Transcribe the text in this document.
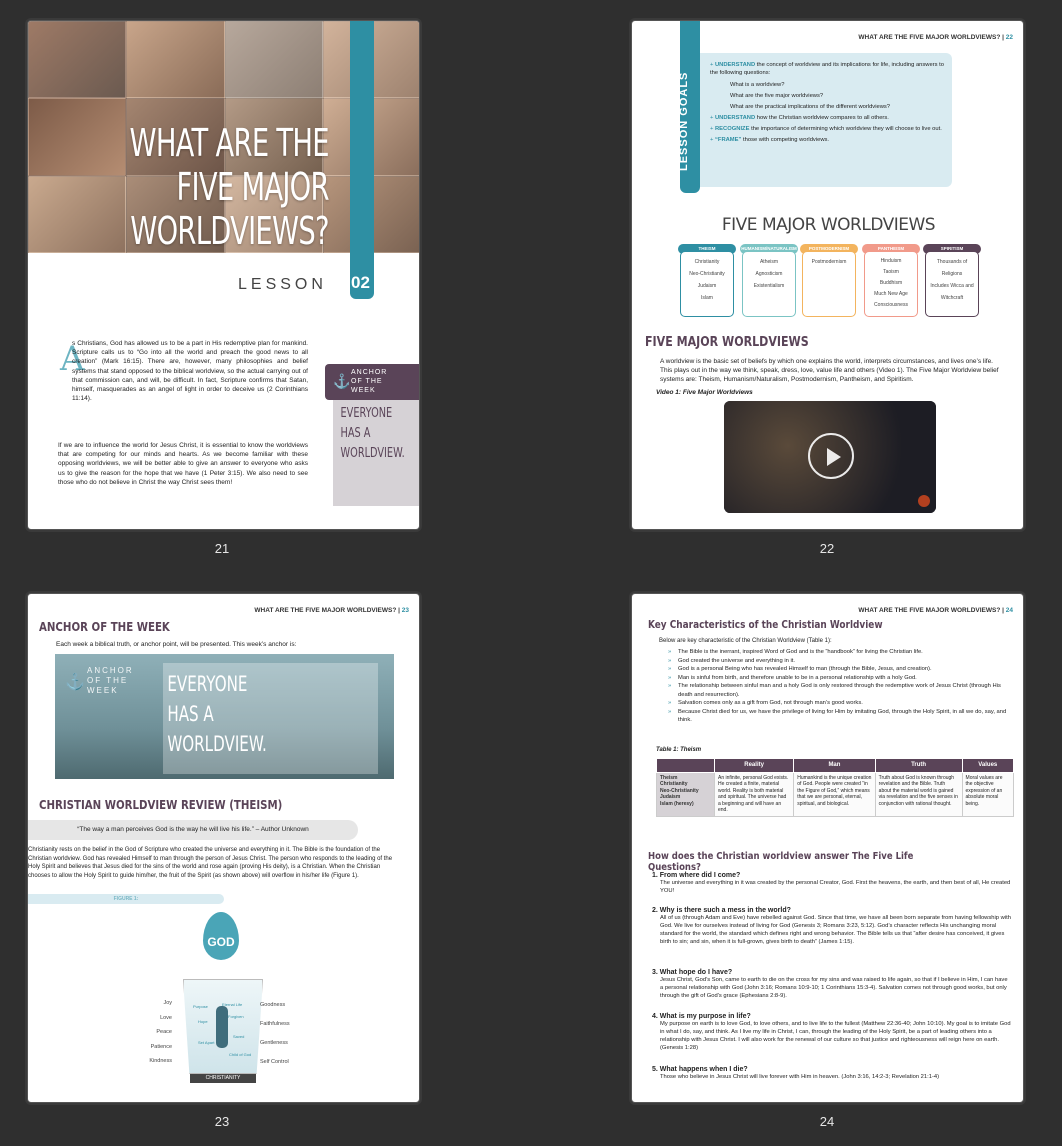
WHAT ARE THE
FIVE MAJOR
WORLDVIEWS?
LESSON 02
A
s Christians, God has allowed us to be a part in His redemptive plan for mankind. Scripture calls us to “Go into all the world and preach the good news to all creation” (Mark 16:15). There are, however, many philosophies and belief systems that stand opposed to the biblical worldview, so the actual carrying out of that commission can, and will, be difficult. In fact, Scripture confirms that Satan, himself, masquerades as an angel of light in order to deceive us (2 Corinthians 11:14).
If we are to influence the world for Jesus Christ, it is essential to know the worldviews that are competing for our minds and hearts. As we become familiar with these opposing worldviews, we will be better able to give an answer to everyone who asks us to give the reason for the hope that we have (1 Peter 3:15). We also need to see those who do not believe in Christ the way Christ sees them!
⚓
ANCHOR
OF THE
WEEK
EVERYONE
HAS A
WORLDVIEW.
21
WHAT ARE THE FIVE MAJOR WORLDVIEWS? | 22
+ UNDERSTAND the concept of worldview and its implications for life, including answers to the following questions:
What is a worldview?
What are the five major worldviews?
What are the practical implications of the different worldviews?
+ UNDERSTAND how the Christian worldview compares to all others.
+ RECOGNIZE the importance of determining which worldview they will choose to live out.
+ “FRAME” those with competing worldviews.
LESSON GOALS
FIVE MAJOR WORLDVIEWS
THEISM
Christianity
Neo-Christianity
Judaism
Islam
HUMANISM/NATURALISM
Atheism
Agnosticism
Existentialism
POSTMODERNISM
Postmodernism
PANTHEISM
Hinduism
Taoism
Buddhism
Much New Age Consciousness
SPIRITISM
Thousands of Religions
Includes Wicca and Witchcraft
FIVE MAJOR WORLDVIEWS
A worldview is the basic set of beliefs by which one explains the world, interprets circumstances, and lives one’s life. This plays out in the way we think, speak, dress, love, value life and others (Video 1). The Five Major Worldview belief systems are: Theism, Humanism/Naturalism, Postmodernism, Pantheism, and Spiritism.
Video 1: Five Major Worldviews
22
WHAT ARE THE FIVE MAJOR WORLDVIEWS? | 23
ANCHOR OF THE WEEK
Each week a biblical truth, or anchor point, will be presented. This week’s anchor is:
⚓
ANCHOR
OF THE
WEEK	EVERYONE
HAS A
WORLDVIEW.
CHRISTIAN WORLDVIEW REVIEW (THEISM)
“The way a man perceives God is the way he will live his life.” – Author Unknown
Christianity rests on the belief in the God of Scripture who created the universe and everything in it. The Bible is the foundation of the Christian worldview. God has revealed Himself to man through the person of Jesus Christ. The person who responds to the leading of the Holy Spirit and believes that Jesus died for the sins of the world and rose again (proving His deity), is a Christian. When the Christian chooses to allow the Holy Spirit to guide him/her, the fruit of the Spirit (as shown above) will overflow in his/her life (Figure 1).
FIGURE 1:
GOD
CHRISTIANITY
Purpose	Eternal Life
Hope
Forgiven
Saved
Set Apart
Child of God
Joy
Love
Peace
Patience
Kindness
Goodness
Faithfulness
Gentleness
Self Control
23
WHAT ARE THE FIVE MAJOR WORLDVIEWS? | 24
Key Characteristics of the Christian Worldview
Below are key characteristic of the Christian Worldview (Table 1):
» The Bible is the inerrant, inspired Word of God and is the “handbook” for living the Christian life.
» God created the universe and everything in it.
» God is a personal Being who has revealed Himself to man (through the Bible, Jesus, and creation).
» Man is sinful from birth, and therefore unable to be in a personal relationship with a holy God.
» The relationship between sinful man and a holy God is only restored through the redemptive work of Jesus Christ (through His death and resurrection).
» Salvation comes only as a gift from God, not through man’s good works.
» Because Christ died for us, we have the privilege of living for Him by imitating God, through the Holy Spirit, in all we do, say, and think.
Table 1: Theism
	Reality	Man	Truth	Values
Theism
Christianity
Neo-Christianity
Judaism
Islam (heresy)	An infinite, personal God exists. He created a finite, material world. Reality is both material and spiritual. The universe had a beginning and will have an end.	Humankind is the unique creation of God. People were created “in the Figure of God,” which means that we are personal, eternal, spiritual, and biological.	Truth about God is known through revelation and the Bible. Truth about the material world is gained via revelation and the five senses in conjunction with rational thought.	Moral values are the objective expression of an absolute moral being.
How does the Christian worldview answer The Five Life Questions?
1. From where did I come?
The universe and everything in it was created by the personal Creator, God. First the heavens, the earth, and then best of all, He created YOU!
2. Why is there such a mess in the world?
All of us (through Adam and Eve) have rebelled against God. Since that time, we have all been born separate from having fellowship with God. We live for ourselves instead of living for God (Genesis 3; Romans 3:23, 5:12). God’s character reflects His unchanging moral standard for the world, the standard which defines right and wrong behavior. The Bible tells us that “after desire has conceived, it gives birth to sin; and sin, when it is full-grown, gives birth to death” (James 1:15).
3. What hope do I have?
Jesus Christ, God’s Son, came to earth to die on the cross for my sins and was raised to life again, so that if I believe in Him, I can have a personal relationship with God (John 3:16; Romans 10:9-10; 1 Corinthians 15:3-4). Salvation comes not through good works, but only through the gift of God’s grace (Ephesians 2:8-9).
4. What is my purpose in life?
My purpose on earth is to love God, to love others, and to live life to the fullest (Matthew 22:36-40; John 10:10). My goal is to imitate God in what I do, say, and think. As I live my life in Christ, I can, through the leading of the Holy Spirit, be a part of leading others into a relationship with Jesus Christ. I will also work for the renewal of our culture so that justice and righteousness will reign here on earth. (Genesis 1:28)
5. What happens when I die?
Those who believe in Jesus Christ will live forever with Him in heaven. (John 3:16, 14:2-3; Revelation 21:1-4)
24
